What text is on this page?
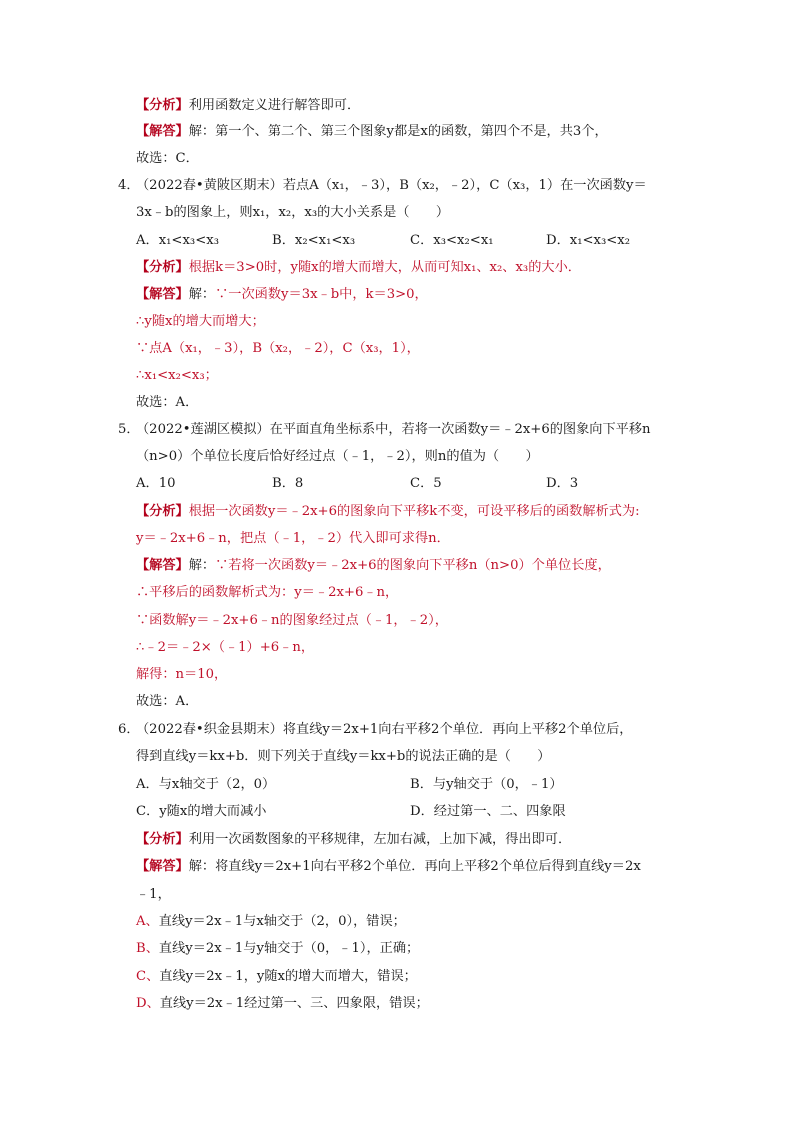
【分析】利用函数定义进行解答即可．
【解答】解：第一个、第二个、第三个图象y都是x的函数，第四个不是，共3个，
故选：C．
4．
（2022春•黄陂区期末）若点A（x₁，﹣3），B（x₂，﹣2），C（x₃，1）在一次函数y＝
3x﹣b的图象上，则x₁，x₂，x₃的大小关系是（　　）
A．x₁<x₃<x₃	B．x₂<x₁<x₃	C．x₃<x₂<x₁	D．x₁<x₃<x₂
【分析】根据k＝3>0时，y随x的增大而增大，从而可知x₁、x₂、x₃的大小．
【解答】解：∵一次函数y＝3x﹣b中，k＝3>0，
∴y随x的增大而增大；
∵点A（x₁，﹣3），B（x₂，﹣2），C（x₃，1），
∴x₁<x₂<x₃；
故选：A．
5．
（2022•莲湖区模拟）在平面直角坐标系中，若将一次函数y＝﹣2x+6的图象向下平移n
（n>0）个单位长度后恰好经过点（﹣1，﹣2），则n的值为（　　）
A．10	B．8	C．5	D．3
【分析】根据一次函数y＝﹣2x+6的图象向下平移k不变，可设平移后的函数解析式为:
y＝﹣2x+6﹣n，把点（﹣1，﹣2）代入即可求得n．
【解答】解：∵若将一次函数y＝﹣2x+6的图象向下平移n（n>0）个单位长度，
∴平移后的函数解析式为：y＝﹣2x+6﹣n，
∵函数解y＝﹣2x+6﹣n的图象经过点（﹣1，﹣2），
∴﹣2＝﹣2×（﹣1）+6﹣n，
解得：n＝10，
故选：A．
6．
（2022春•织金县期末）将直线y＝2x+1向右平移2个单位．再向上平移2个单位后，
得到直线y＝kx+b．则下列关于直线y＝kx+b的说法正确的是（　　）
A．与x轴交于（2，0）	B．与y轴交于（0，﹣1）
C．y随x的增大而减小	D．经过第一、二、四象限
【分析】利用一次函数图象的平移规律，左加右减，上加下减，得出即可．
【解答】解：将直线y＝2x+1向右平移2个单位．再向上平移2个单位后得到直线y＝2x
﹣1，
A、直线y＝2x﹣1与x轴交于（2，0），错误；
B、直线y＝2x﹣1与y轴交于（0，﹣1），正确；
C、直线y＝2x﹣1，y随x的增大而增大，错误；
D、直线y＝2x﹣1经过第一、三、四象限，错误；
